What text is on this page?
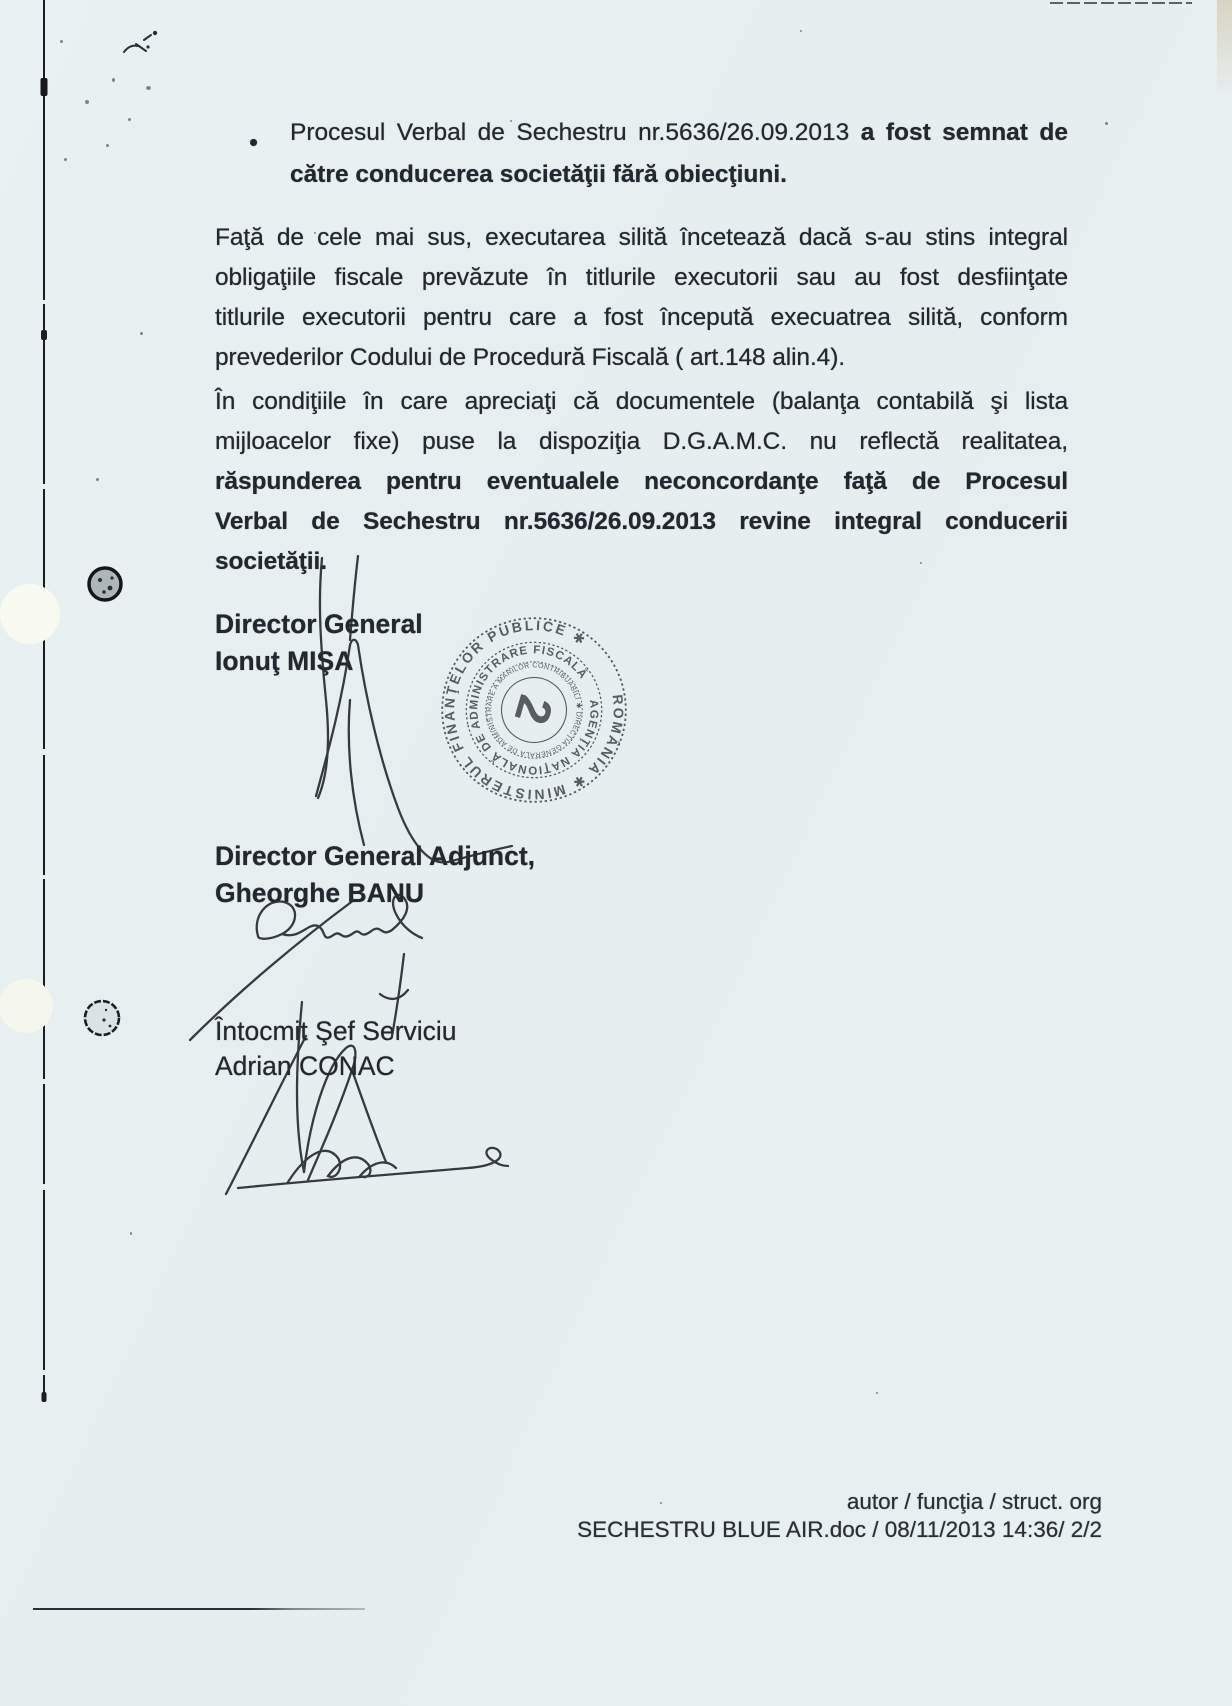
• Procesul Verbal de Sechestru nr.5636/26.09.2013 a fost semnat de
către conducerea societăţii fără obiecţiuni.
Faţă de cele mai sus, executarea silită încetează dacă s-au stins integral
obligaţiile fiscale prevăzute în titlurile executorii sau au fost desfiinţate
titlurile executorii pentru care a fost începută execuatrea silită, conform
prevederilor Codului de Procedură Fiscală ( art.148 alin.4).
În condiţiile în care apreciaţi că documentele (balanţa contabilă şi lista
mijloacelor fixe) puse la dispoziţia D.G.A.M.C. nu reflectă realitatea,
răspunderea pentru eventualele neconcordanţe faţă de Procesul
Verbal de Sechestru nr.5636/26.09.2013 revine integral conducerii
societăţii.
Director General
Ionuţ MIŞA
Director General Adjunct,
Gheorghe BANU
Întocmit Şef Serviciu
Adrian CONAC
ROMÂNIA ✱ MINISTERUL FINANŢELOR PUBLICE ✱
AGENŢIA NAŢIONALĂ DE ADMINISTRARE FISCALĂ
✱ DIRECŢIA GENERALĂ DE ADMINISTRARE A MARILOR CONTRIBUABILI
2
autor / funcţia / struct. org
SECHESTRU BLUE AIR.doc / 08/11/2013 14:36/ 2/2
